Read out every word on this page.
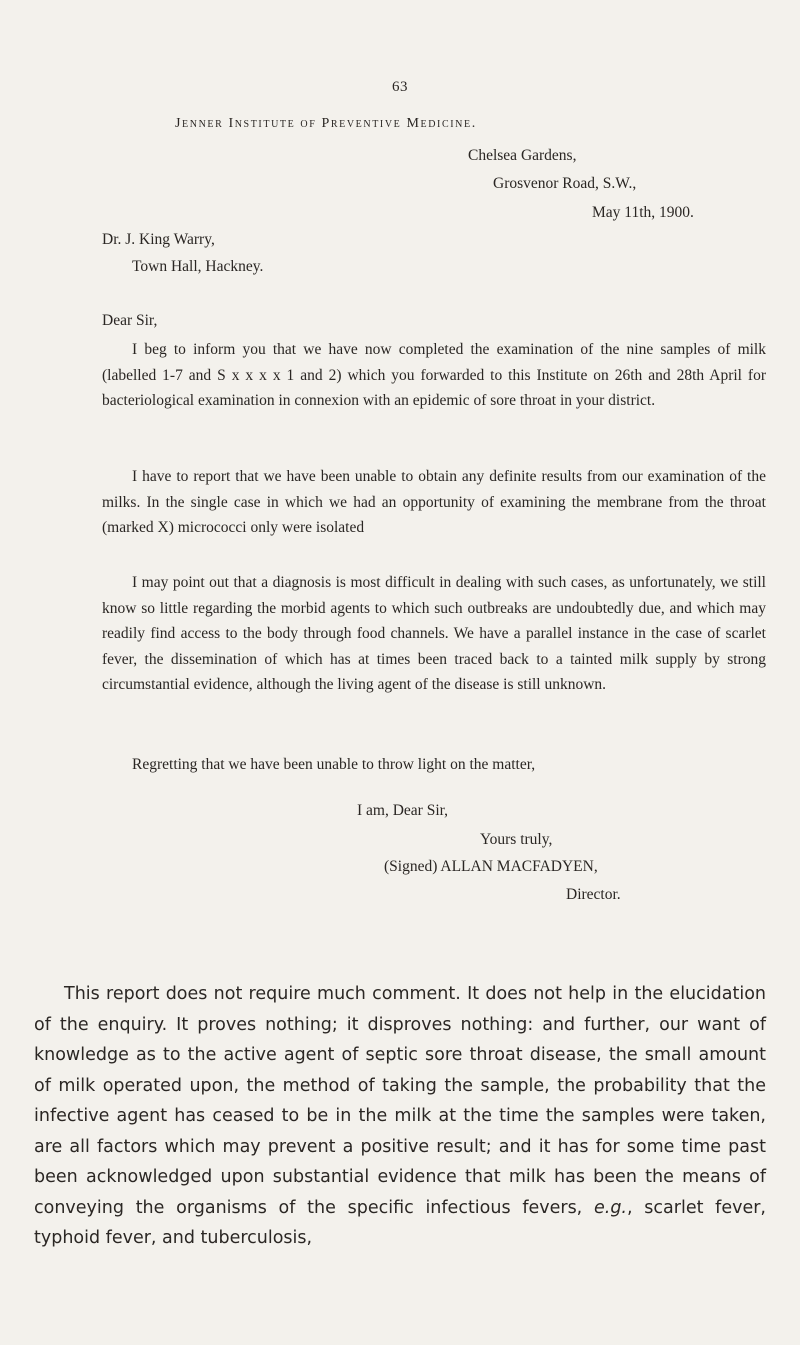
63
Jenner Institute of Preventive Medicine.
Chelsea Gardens,
Grosvenor Road, S.W.,
May 11th, 1900.
Dr. J. King Warry,
Town Hall, Hackney.
Dear Sir,

I beg to inform you that we have now completed the examination of the nine samples of milk (labelled 1-7 and S x x x x 1 and 2) which you forwarded to this Institute on 26th and 28th April for bacteriological examination in connexion with an epidemic of sore throat in your district.

I have to report that we have been unable to obtain any definite results from our examination of the milks. In the single case in which we had an opportunity of examining the membrane from the throat (marked X) micrococci only were isolated

I may point out that a diagnosis is most difficult in dealing with such cases, as unfortunately, we still know so little regarding the morbid agents to which such outbreaks are undoubtedly due, and which may readily find access to the body through food channels. We have a parallel instance in the case of scarlet fever, the dissemination of which has at times been traced back to a tainted milk supply by strong circumstantial evidence, although the living agent of the disease is still unknown.

Regretting that we have been unable to throw light on the matter,

I am, Dear Sir,
Yours truly,
(Signed) ALLAN MACFADYEN,
Director.

This report does not require much comment. It does not help in the elucidation of the enquiry. It proves nothing; it disproves nothing: and further, our want of knowledge as to the active agent of septic sore throat disease, the small amount of milk operated upon, the method of taking the sample, the probability that the infective agent has ceased to be in the milk at the time the samples were taken, are all factors which may prevent a positive result; and it has for some time past been acknowledged upon substantial evidence that milk has been the means of conveying the organisms of the specific infectious fevers, e.g., scarlet fever, typhoid fever, and tuberculosis,
